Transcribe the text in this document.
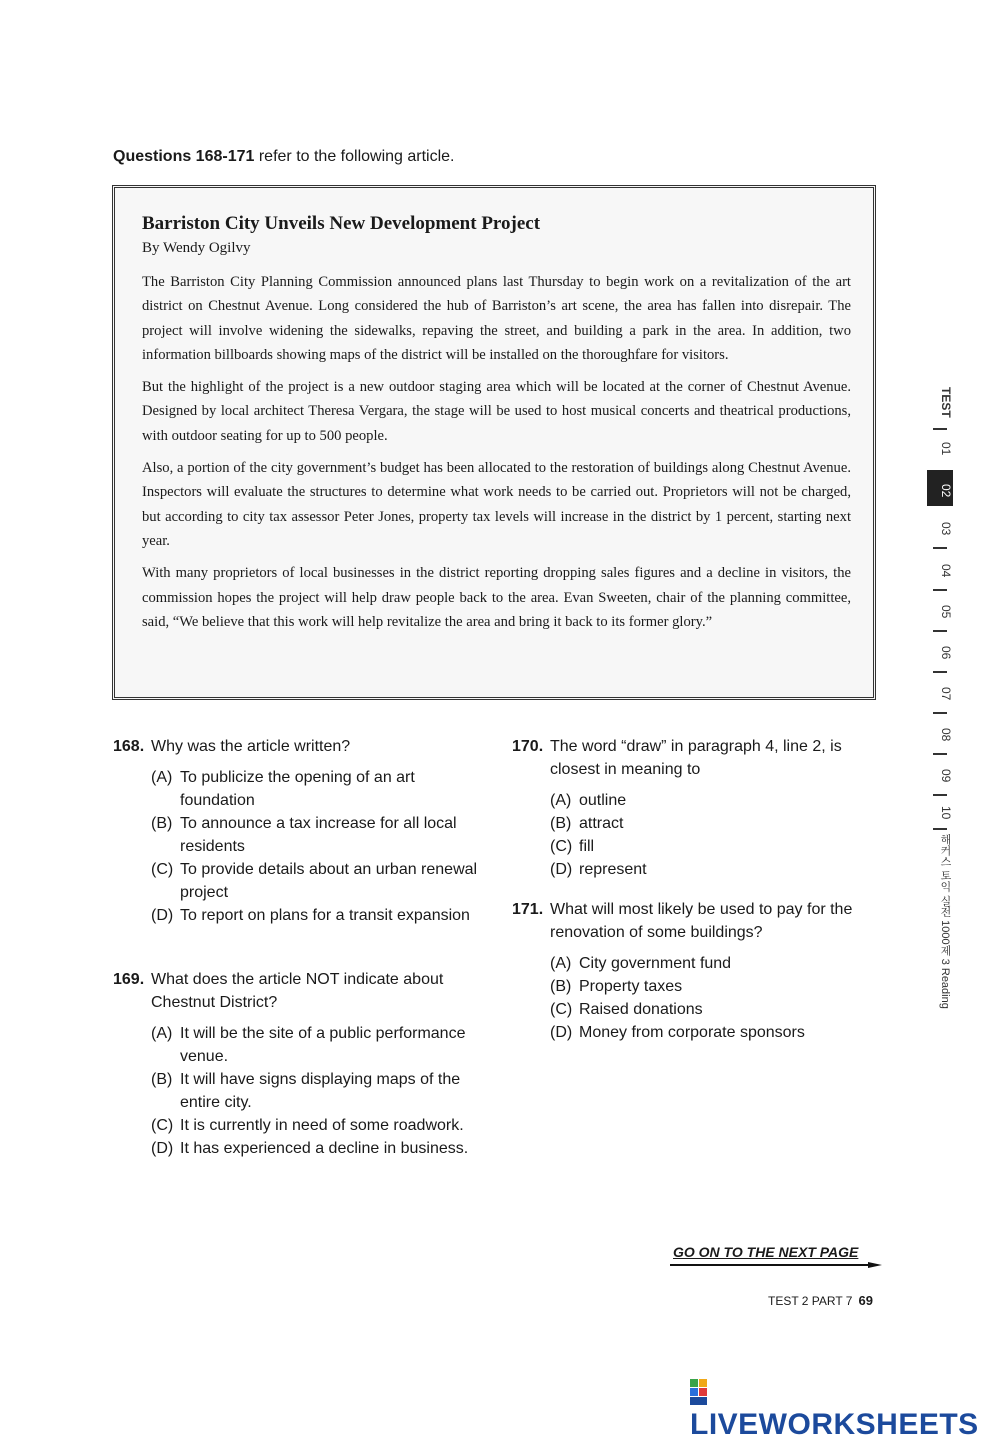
Questions 168-171 refer to the following article.
Barriston City Unveils New Development Project
By Wendy Ogilvy

The Barriston City Planning Commission announced plans last Thursday to begin work on a revitalization of the art district on Chestnut Avenue. Long considered the hub of Barriston’s art scene, the area has fallen into disrepair. The project will involve widening the sidewalks, repaving the street, and building a park in the area. In addition, two information billboards showing maps of the district will be installed on the thoroughfare for visitors.

But the highlight of the project is a new outdoor staging area which will be located at the corner of Chestnut Avenue. Designed by local architect Theresa Vergara, the stage will be used to host musical concerts and theatrical productions, with outdoor seating for up to 500 people.

Also, a portion of the city government’s budget has been allocated to the restoration of buildings along Chestnut Avenue. Inspectors will evaluate the structures to determine what work needs to be carried out. Proprietors will not be charged, but according to city tax assessor Peter Jones, property tax levels will increase in the district by 1 percent, starting next year.

With many proprietors of local businesses in the district reporting dropping sales figures and a decline in visitors, the commission hopes the project will help draw people back to the area. Evan Sweeten, chair of the planning committee, said, “We believe that this work will help revitalize the area and bring it back to its former glory.”

168. Why was the article written?
(A) To publicize the opening of an art foundation
(B) To announce a tax increase for all local residents
(C) To provide details about an urban renewal project
(D) To report on plans for a transit expansion
169. What does the article NOT indicate about Chestnut District?
(A) It will be the site of a public performance venue.
(B) It will have signs displaying maps of the entire city.
(C) It is currently in need of some roadwork.
(D) It has experienced a decline in business.
170. The word “draw” in paragraph 4, line 2, is closest in meaning to
(A) outline
(B) attract
(C) fill
(D) represent
171. What will most likely be used to pay for the renovation of some buildings?
(A) City government fund
(B) Property taxes
(C) Raised donations
(D) Money from corporate sponsors
TEST
01
02
03
04
05
06
07
08
09
10
해커스 토익 실전 1000제 3 Reading
GO ON TO THE NEXT PAGE
TEST 2 PART 7 69
LIVEWORKSHEETS
